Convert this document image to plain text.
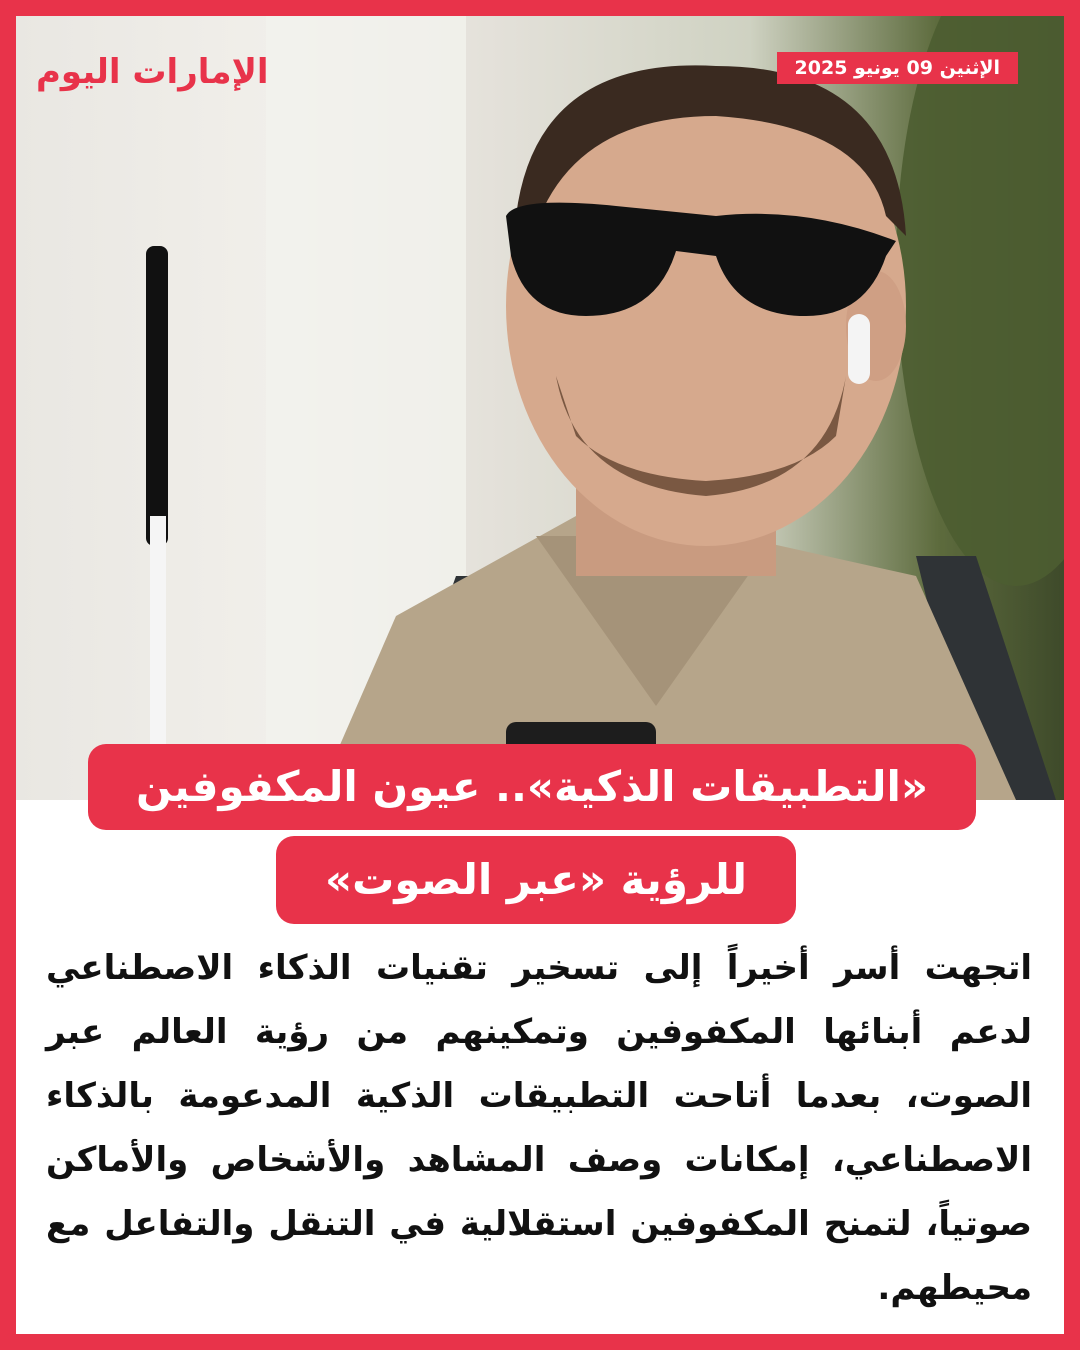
الإمارات اليوم	الإثنين 09 يونيو 2025
«التطبيقات الذكية».. عيون المكفوفين
للرؤية «عبر الصوت»

اتجهت أسر أخيراً إلى تسخير تقنيات الذكاء الاصطناعي لدعم أبنائها المكفوفين وتمكينهم من رؤية العالم عبر الصوت، بعدما أتاحت التطبيقات الذكية المدعومة بالذكاء الاصطناعي، إمكانات وصف المشاهد والأشخاص والأماكن صوتياً، لتمنح المكفوفين استقلالية في التنقل والتفاعل مع محيطهم.
